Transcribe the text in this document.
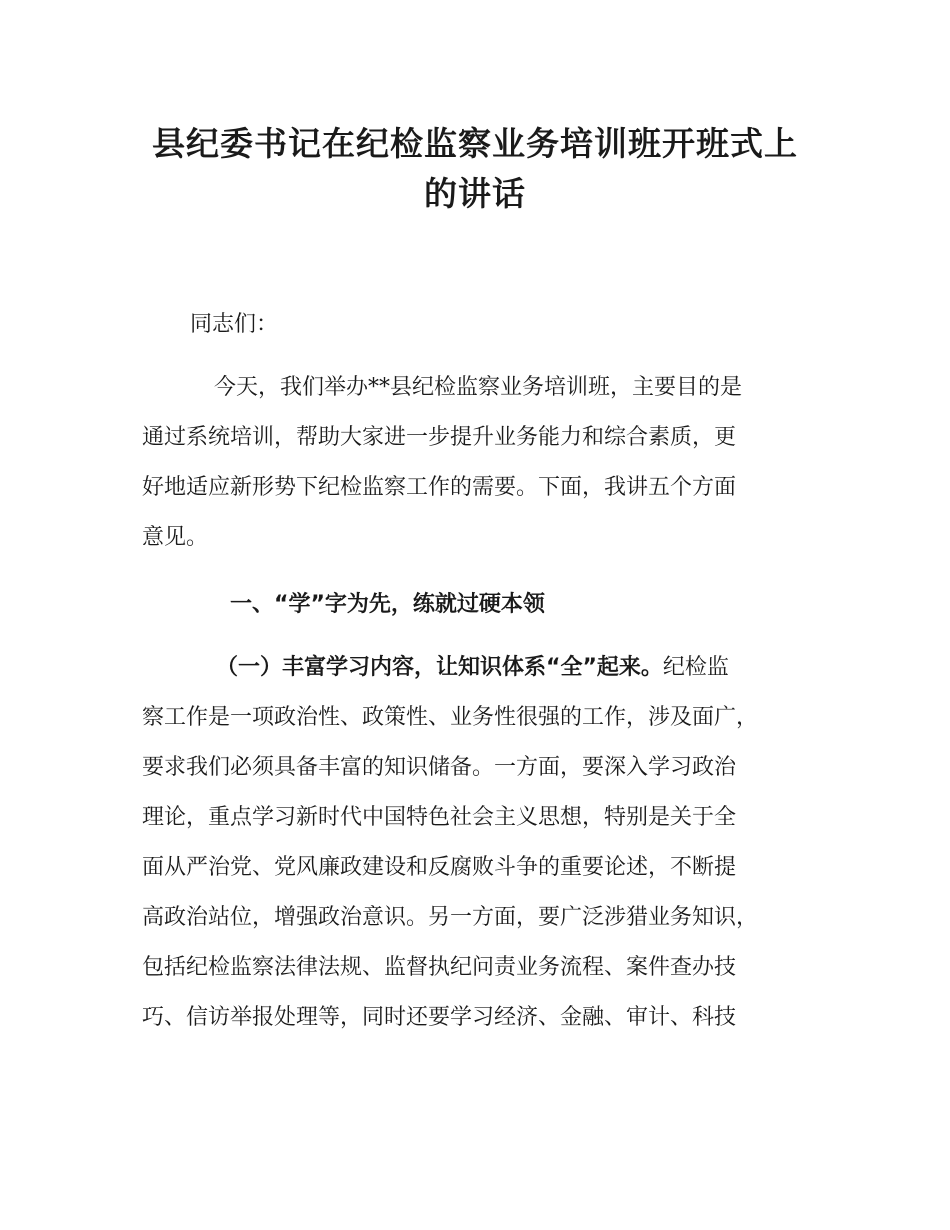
县纪委书记在纪检监察业务培训班开班式上
的讲话

同志们：

今天，我们举办**县纪检监察业务培训班，主要目的是

通过系统培训，帮助大家进一步提升业务能力和综合素质，更

好地适应新形势下纪检监察工作的需要。下面，我讲五个方面

意见。

一、“学”字为先，练就过硬本领

（一）丰富学习内容，让知识体系“全”起来。纪检监

察工作是一项政治性、政策性、业务性很强的工作，涉及面广，

要求我们必须具备丰富的知识储备。一方面，要深入学习政治

理论，重点学习新时代中国特色社会主义思想，特别是关于全

面从严治党、党风廉政建设和反腐败斗争的重要论述，不断提

高政治站位，增强政治意识。另一方面，要广泛涉猎业务知识，

包括纪检监察法律法规、监督执纪问责业务流程、案件查办技

巧、信访举报处理等，同时还要学习经济、金融、审计、科技
